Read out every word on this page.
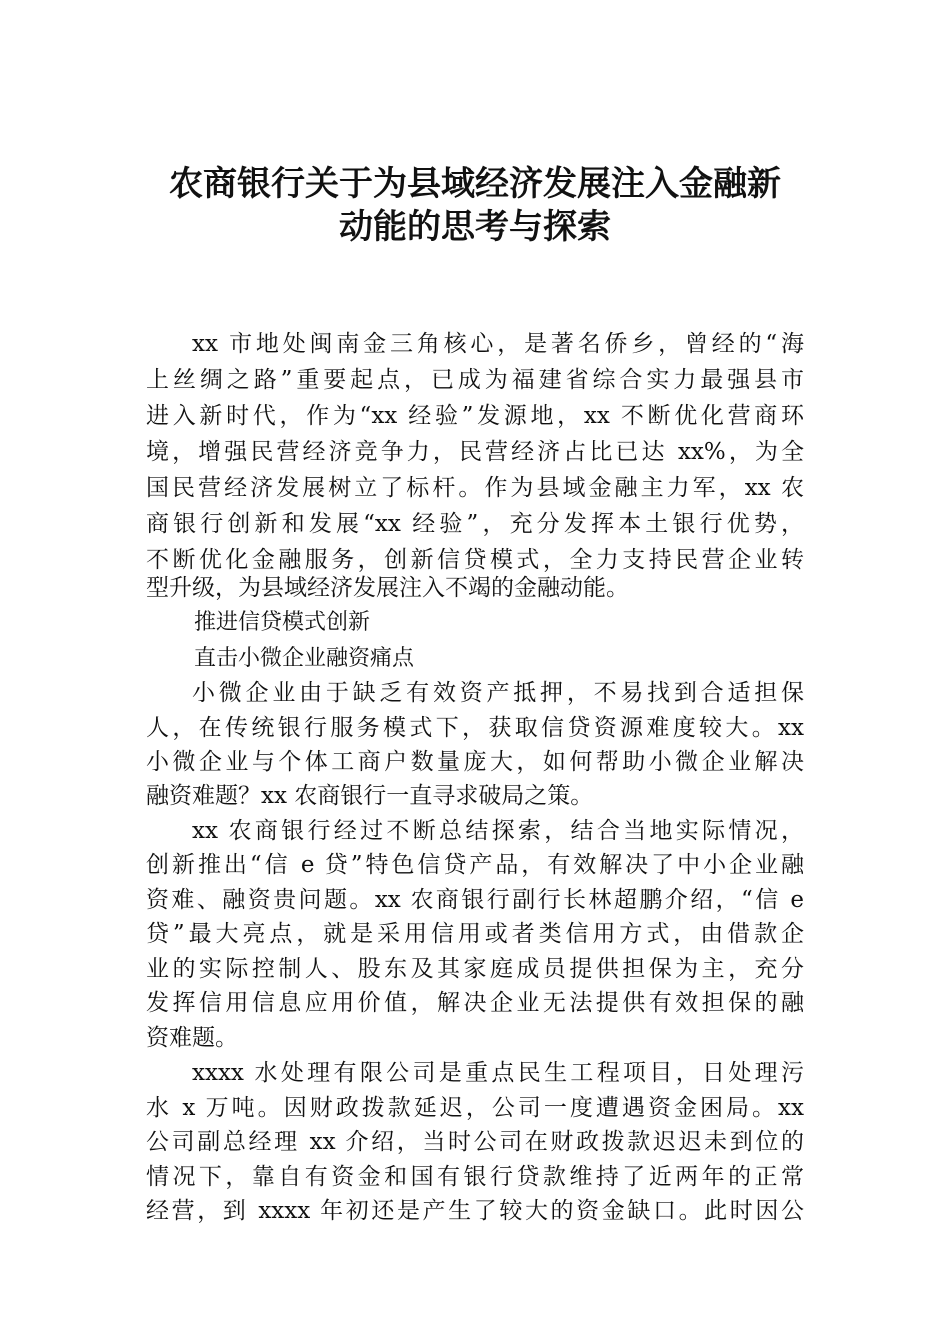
农商银行关于为县域经济发展注入金融新
动能的思考与探索
xx 市地处闽南金三角核心，是著名侨乡，曾经的“海
上丝绸之路”重要起点，已成为福建省综合实力最强县市
进入新时代，作为“xx 经验”发源地，xx 不断优化营商环
境，增强民营经济竞争力，民营经济占比已达 xx%，为全
国民营经济发展树立了标杆。作为县域金融主力军，xx 农
商银行创新和发展“xx 经验”，充分发挥本土银行优势，
不断优化金融服务，创新信贷模式，全力支持民营企业转
型升级，为县域经济发展注入不竭的金融动能。
推进信贷模式创新
直击小微企业融资痛点
小微企业由于缺乏有效资产抵押，不易找到合适担保
人，在传统银行服务模式下，获取信贷资源难度较大。xx
小微企业与个体工商户数量庞大，如何帮助小微企业解决
融资难题？xx 农商银行一直寻求破局之策。
xx 农商银行经过不断总结探索，结合当地实际情况，
创新推出“信 e 贷”特色信贷产品，有效解决了中小企业融
资难、融资贵问题。xx 农商银行副行长林超鹏介绍，“信 e
贷”最大亮点，就是采用信用或者类信用方式，由借款企
业的实际控制人、股东及其家庭成员提供担保为主，充分
发挥信用信息应用价值，解决企业无法提供有效担保的融
资难题。
xxxx 水处理有限公司是重点民生工程项目，日处理污
水 x 万吨。因财政拨款延迟，公司一度遭遇资金困局。xx
公司副总经理 xx 介绍，当时公司在财政拨款迟迟未到位的
情况下，靠自有资金和国有银行贷款维持了近两年的正常
经营，到 xxxx 年初还是产生了较大的资金缺口。此时因公
